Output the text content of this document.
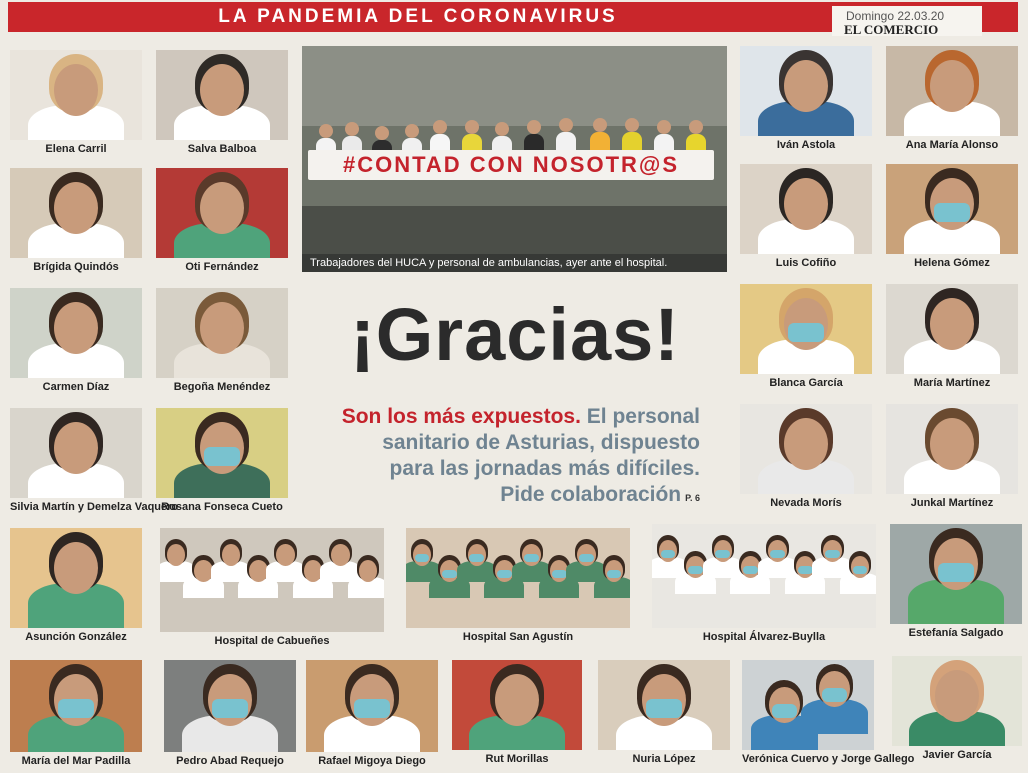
LA PANDEMIA DEL CORONAVIRUS	Domingo 22.03.20
EL COMERCIO
#CONTAD CON NOSOTR@S
Trabajadores del HUCA y personal de ambulancias, ayer ante el hospital.
¡Gracias!
Son los más expuestos. El personal sanitario de Asturias, dispuesto para las jornadas más difíciles. Pide colaboración P. 6
Elena Carril	Salva Balboa	Iván Astola	Ana María Alonso
Brígida Quindós	Oti Fernández	Luis Cofiño	Helena Gómez
Carmen Díaz	Begoña Menéndez	Blanca García	María Martínez
Silvia Martín y Demelza Vaquero
Rosana Fonseca Cueto	Nevada Morís	Junkal Martínez
Asunción González	Hospital de Cabueñes	Hospital San Agustín	Hospital Álvarez-Buylla	Estefanía Salgado
María del Mar Padilla	Pedro Abad Requejo	Rafael Migoya Diego	Rut Morillas	Nuria López	Verónica Cuervo y Jorge Gallego Javier García
